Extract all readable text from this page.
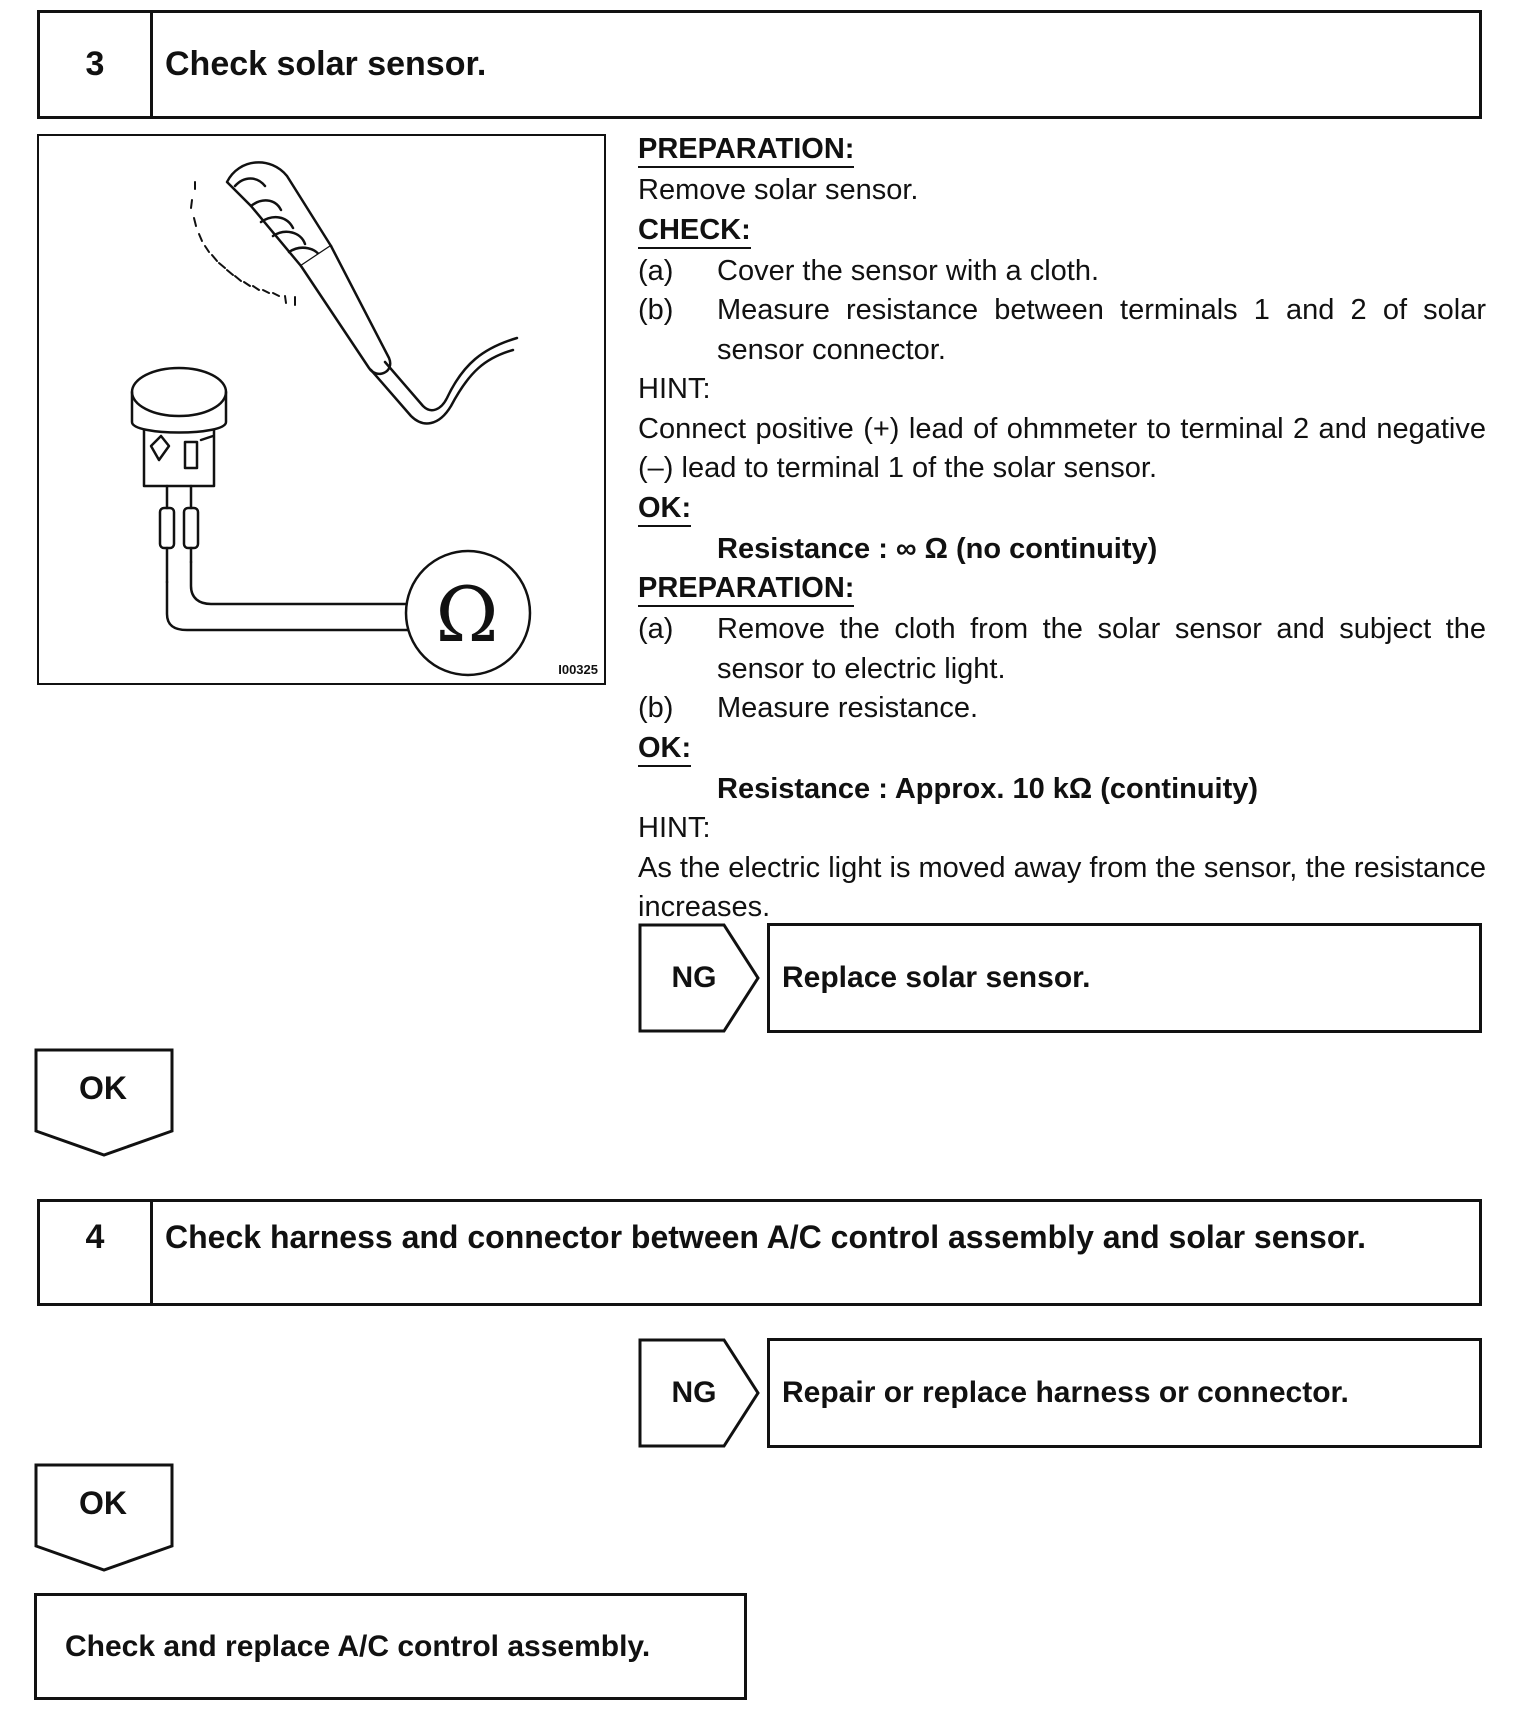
3	Check solar sensor.
Ω
I00325
PREPARATION:
Remove solar sensor.
CHECK:
(a)	Cover the sensor with a cloth.
(b)	Measure resistance between terminals 1 and 2 of solar sensor connector.
HINT:
Connect positive (+) lead of ohmmeter to terminal 2 and negative (–) lead to terminal 1 of the solar sensor.
OK:
Resistance : ∞ Ω (no continuity)
PREPARATION:
(a)	Remove the cloth from the solar sensor and subject the sensor to electric light.
(b)	Measure resistance.
OK:
Resistance : Approx. 10 kΩ (continuity)
HINT:
As the electric light is moved away from the sensor, the resistance increases.
NG	Replace solar sensor.
OK
4	Check harness and connector between A/C control assembly and solar sensor.
NG	Repair or replace harness or connector.
OK
Check and replace A/C control assembly.
